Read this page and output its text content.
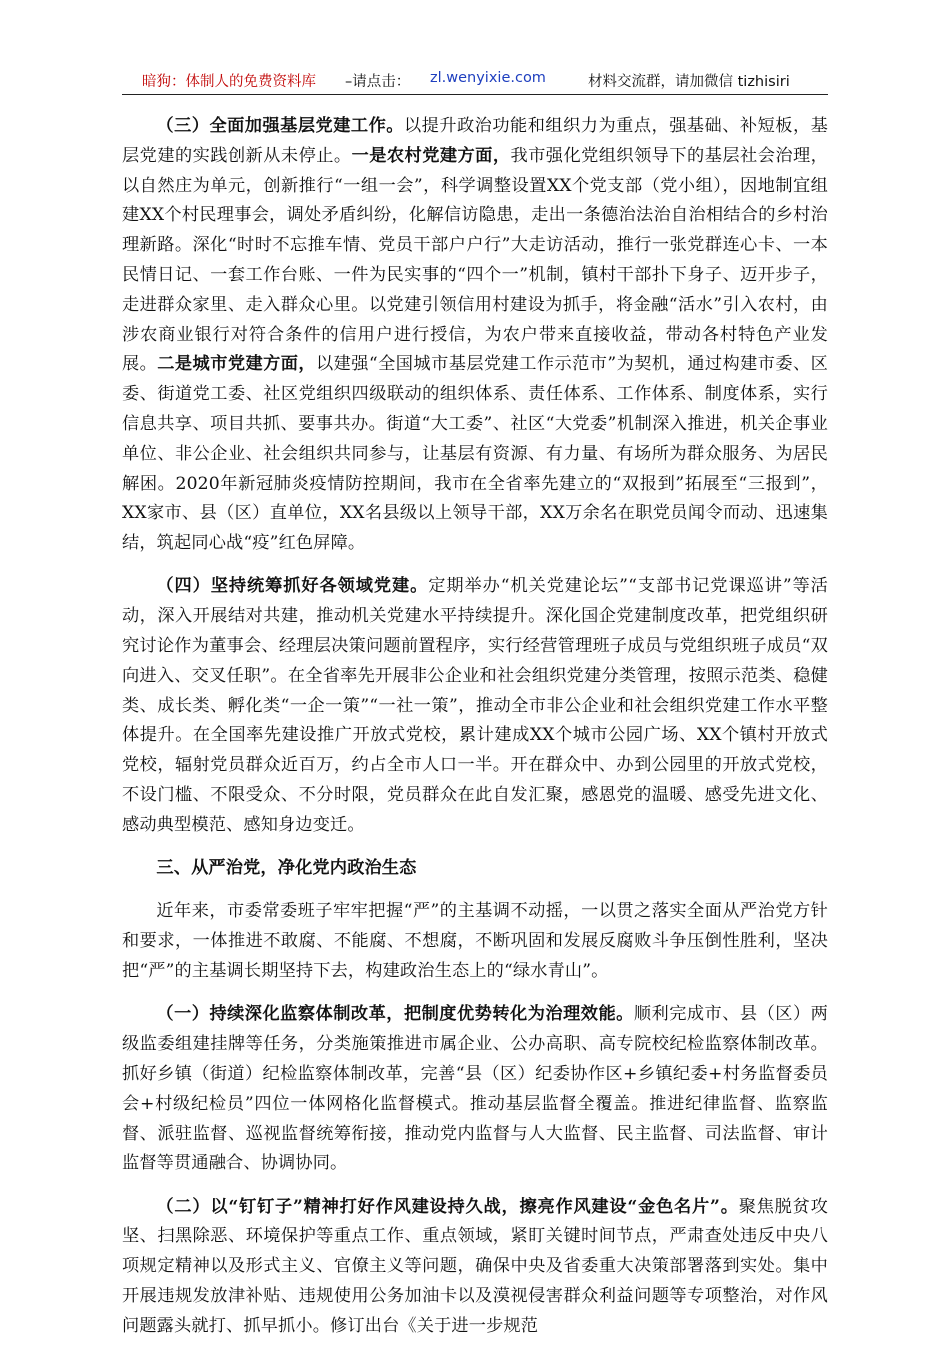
暗狗：体制人的免费资料库 –请点击： zl.wenyixie.com	材料交流群，请加微信 tizhisiri

（三）全面加强基层党建工作。以提升政治功能和组织力为重点，强基础、补短板，基层党建的实践创新从未停止。一是农村党建方面，我市强化党组织领导下的基层社会治理，以自然庄为单元，创新推行“一组一会”，科学调整设置XX个党支部（党小组），因地制宜组建XX个村民理事会，调处矛盾纠纷，化解信访隐患，走出一条德治法治自治相结合的乡村治理新路。深化“时时不忘推车情、党员干部户户行”大走访活动，推行一张党群连心卡、一本民情日记、一套工作台账、一件为民实事的“四个一”机制，镇村干部扑下身子、迈开步子，走进群众家里、走入群众心里。以党建引领信用村建设为抓手，将金融“活水”引入农村，由涉农商业银行对符合条件的信用户进行授信，为农户带来直接收益，带动各村特色产业发展。二是城市党建方面，以建强“全国城市基层党建工作示范市”为契机，通过构建市委、区委、街道党工委、社区党组织四级联动的组织体系、责任体系、工作体系、制度体系，实行信息共享、项目共抓、要事共办。街道“大工委”、社区“大党委”机制深入推进，机关企事业单位、非公企业、社会组织共同参与，让基层有资源、有力量、有场所为群众服务、为居民解困。2020年新冠肺炎疫情防控期间，我市在全省率先建立的“双报到”拓展至“三报到”，XX家市、县（区）直单位，XX名县级以上领导干部，XX万余名在职党员闻令而动、迅速集结，筑起同心战“疫”红色屏障。

（四）坚持统筹抓好各领域党建。定期举办“机关党建论坛”“支部书记党课巡讲”等活动，深入开展结对共建，推动机关党建水平持续提升。深化国企党建制度改革，把党组织研究讨论作为董事会、经理层决策问题前置程序，实行经营管理班子成员与党组织班子成员“双向进入、交叉任职”。在全省率先开展非公企业和社会组织党建分类管理，按照示范类、稳健类、成长类、孵化类“一企一策”“一社一策”，推动全市非公企业和社会组织党建工作水平整体提升。在全国率先建设推广开放式党校，累计建成XX个城市公园广场、XX个镇村开放式党校，辐射党员群众近百万，约占全市人口一半。开在群众中、办到公园里的开放式党校，不设门槛、不限受众、不分时限，党员群众在此自发汇聚，感恩党的温暖、感受先进文化、感动典型模范、感知身边变迁。

三、从严治党，净化党内政治生态

近年来，市委常委班子牢牢把握“严”的主基调不动摇，一以贯之落实全面从严治党方针和要求，一体推进不敢腐、不能腐、不想腐，不断巩固和发展反腐败斗争压倒性胜利，坚决把“严”的主基调长期坚持下去，构建政治生态上的“绿水青山”。

（一）持续深化监察体制改革，把制度优势转化为治理效能。顺利完成市、县（区）两级监委组建挂牌等任务，分类施策推进市属企业、公办高职、高专院校纪检监察体制改革。抓好乡镇（街道）纪检监察体制改革，完善“县（区）纪委协作区+乡镇纪委+村务监督委员会+村级纪检员”四位一体网格化监督模式。推动基层监督全覆盖。推进纪律监督、监察监督、派驻监督、巡视监督统筹衔接，推动党内监督与人大监督、民主监督、司法监督、审计监督等贯通融合、协调协同。

（二）以“钉钉子”精神打好作风建设持久战，擦亮作风建设“金色名片”。聚焦脱贫攻坚、扫黑除恶、环境保护等重点工作、重点领域，紧盯关键时间节点，严肃查处违反中央八项规定精神以及形式主义、官僚主义等问题，确保中央及省委重大决策部署落到实处。集中开展违规发放津补贴、违规使用公务加油卡以及漠视侵害群众利益问题等专项整治，对作风问题露头就打、抓早抓小。修订出台《关于进一步规范
